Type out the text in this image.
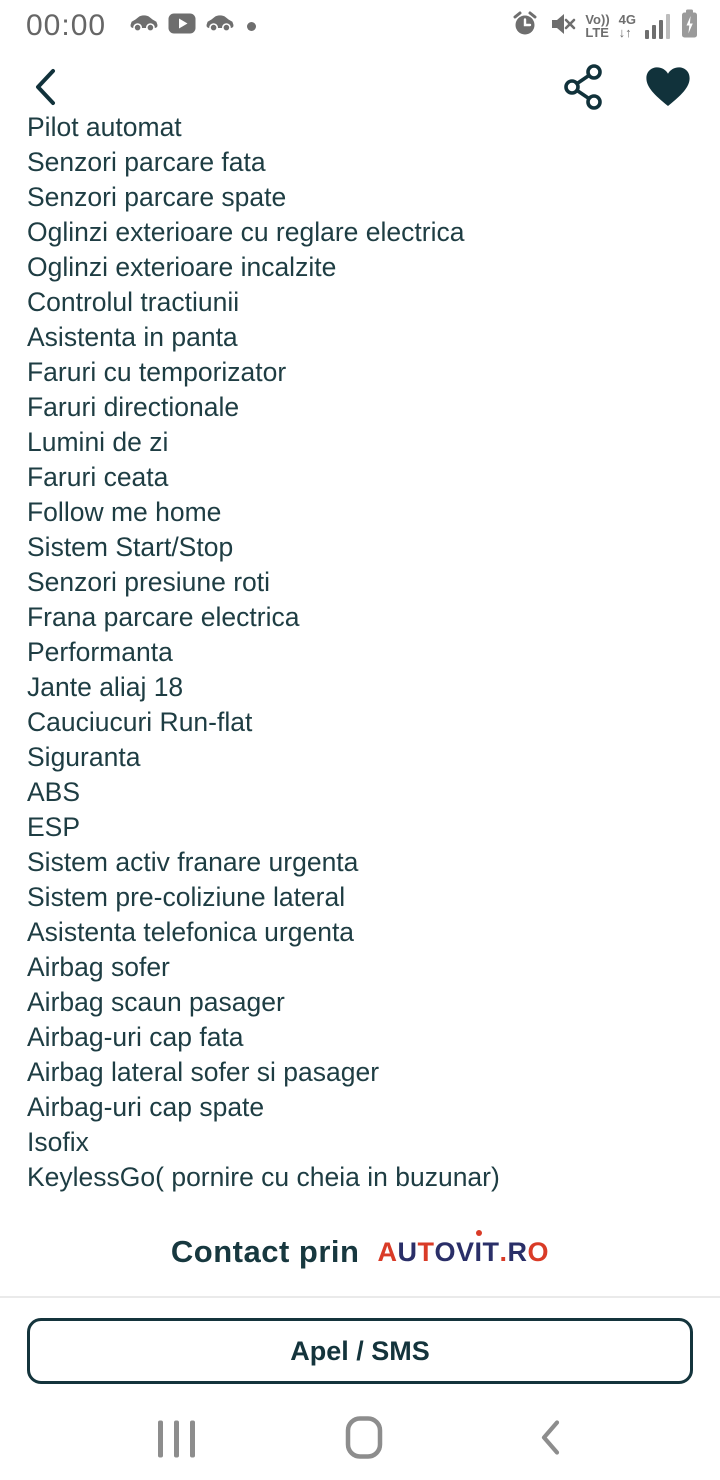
00:00	Vo))
LTE
4G
↓↑
Pilot automat
Senzori parcare fata
Senzori parcare spate
Oglinzi exterioare cu reglare electrica
Oglinzi exterioare incalzite
Controlul tractiunii
Asistenta in panta
Faruri cu temporizator
Faruri directionale
Lumini de zi
Faruri ceata
Follow me home
Sistem Start/Stop
Senzori presiune roti
Frana parcare electrica
Performanta
Jante aliaj 18
Cauciucuri Run-flat
Siguranta
ABS
ESP
Sistem activ franare urgenta
Sistem pre-coliziune lateral
Asistenta telefonica urgenta
Airbag sofer
Airbag scaun pasager
Airbag-uri cap fata
Airbag lateral sofer si pasager
Airbag-uri cap spate
Isofix
KeylessGo( pornire cu cheia in buzunar)
Contact prin A U T O V I T . R O
Apel / SMS
